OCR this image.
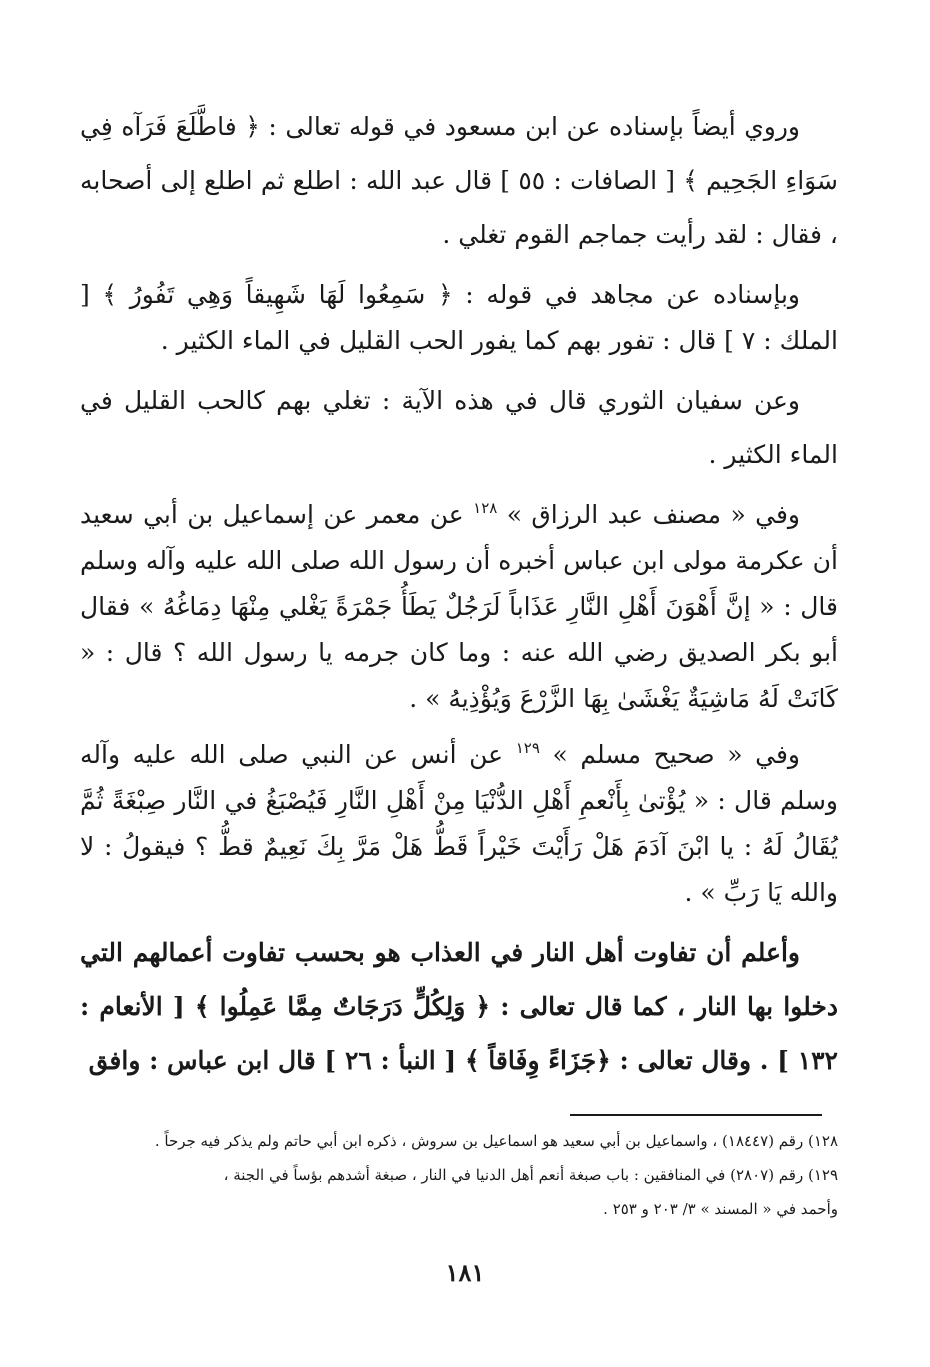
وروي أيضاً بإسناده عن ابن مسعود في قوله تعالى : ﴿ فاطَّلَعَ فَرَآه فِي سَوَاءِ الجَحِيم ﴾ [ الصافات : ٥٥ ] قال عبد الله : اطلع ثم اطلع إلى أصحابه ، فقال : لقد رأيت جماجم القوم تغلي .

وبإسناده عن مجاهد في قوله : ﴿ سَمِعُوا لَهَا شَهِيقاً وَهِي تَفُورُ ﴾ [ الملك : ٧ ] قال : تفور بهم كما يفور الحب القليل في الماء الكثير .

وعن سفيان الثوري قال في هذه الآية : تغلي بهم كالحب القليل في الماء الكثير .

وفي « مصنف عبد الرزاق » $^{١٢٨}$ عن معمر عن إسماعيل بن أبي سعيد أن عكرمة مولى ابن عباس أخبره أن رسول الله صلى الله عليه وآله وسلم قال : « إنَّ أَهْوَنَ أَهْلِ النَّارِ عَذَاباً لَرَجُلٌ يَطَأُ جَمْرَةً يَغْلي مِنْهَا دِمَاغُهُ » فقال أبو بكر الصديق رضي الله عنه : وما كان جرمه يا رسول الله ؟ قال : « كَانَتْ لَهُ مَاشِيَةٌ يَغْشَىٰ بِهَا الزَّرْعَ وَيُؤْذِيهُ » .

وفي « صحيح مسلم » $^{١٢٩}$ عن أنس عن النبي صلى الله عليه وآله وسلم قال : « يُؤْتىٰ بِأَنْعمِ أَهْلِ الدُّنْيَا مِنْ أَهْلِ النَّارِ فَيُصْبَغُ في النَّار صِبْغَةً ثُمَّ يُقَالُ لَهُ : يا ابْنَ آدَمَ هَلْ رَأَيْتَ خَيْراً قَطُّ هَلْ مَرَّ بِكَ نَعِيمٌ قطُّ ؟ فيقولُ : لا والله يَا رَبِّ » .

وأعلم أن تفاوت أهل النار في العذاب هو بحسب تفاوت أعمالهم التي دخلوا بها النار ، كما قال تعالى : ﴿ وَلِكُلٍّ دَرَجَاتٌ مِمَّا عَمِلُوا ﴾ [ الأنعام : ١٣٢ ] . وقال تعالى : ﴿جَزَاءً وِفَاقاً ﴾ [ النبأ : ٢٦ ] قال ابن عباس : وافق

١٢٨) رقم (١٨٤٤٧) ، واسماعيل بن أبي سعيد هو اسماعيل بن سروش ، ذكره ابن أبي حاتم ولم يذكر فيه جرحاً .

١٢٩) رقم (٢٨٠٧) في المنافقين : باب صبغة أنعم أهل الدنيا في النار ، صبغة أشدهم بؤساً في الجنة ،

وأحمد في « المسند » ٣/ ٢٠٣ و ٢٥٣ .

١٨١
